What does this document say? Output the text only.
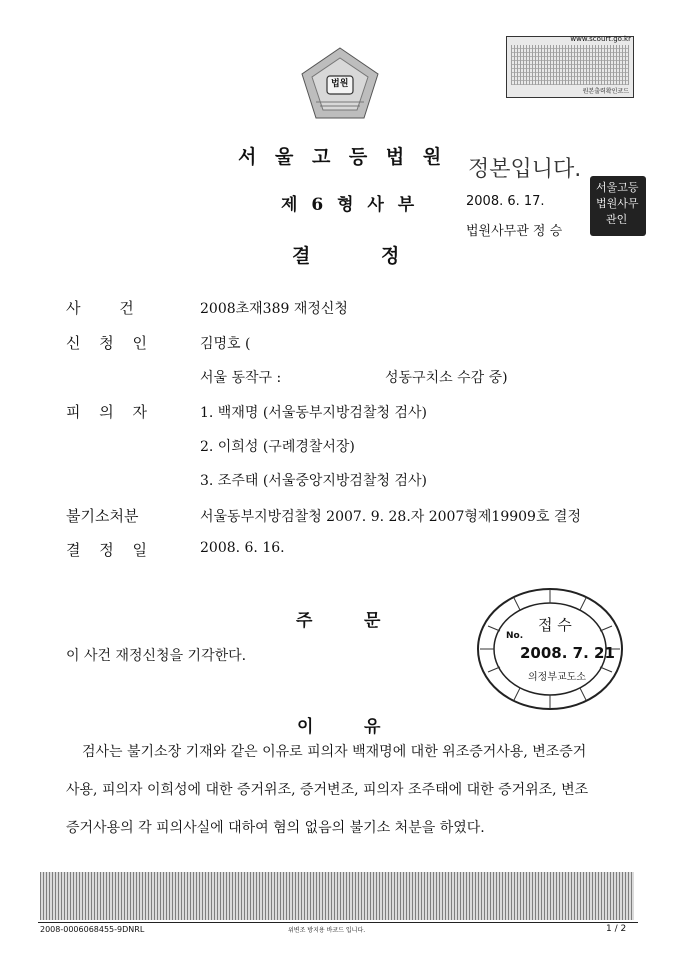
www.scourt.go.kr
원본출력확인코드
법원
서 울 고 등 법 원
제 6 형 사 부
결	정
정본입니다.
2008. 6. 17.
법원사무관 정 승
서울고등
법원사무
관인
사 건	2008초재389 재정신청
신 청 인	김명호 (
서울 동작구 :	성동구치소 수감 중)
피 의 자	1. 백재명 (서울동부지방검찰청 검사)
2. 이희성 (구례경찰서장)
3. 조주태 (서울중앙지방검찰청 검사)
불기소처분	서울동부지방검찰청 2007. 9. 28.자 2007형제19909호 결정
결 정 일	2008. 6. 16.
주	문
이 사건 재정신청을 기각한다.
No.
접 수
2008. 7. 21
의정부교도소
이	유
검사는 불기소장 기재와 같은 이유로 피의자 백재명에 대한 위조증거사용, 변조증거
사용, 피의자 이희성에 대한 증거위조, 증거변조, 피의자 조주태에 대한 증거위조, 변조
증거사용의 각 피의사실에 대하여 혐의 없음의 불기소 처분을 하였다.
2008-0006068455-9DNRL	위변조 방지용 바코드 입니다.	1 / 2
